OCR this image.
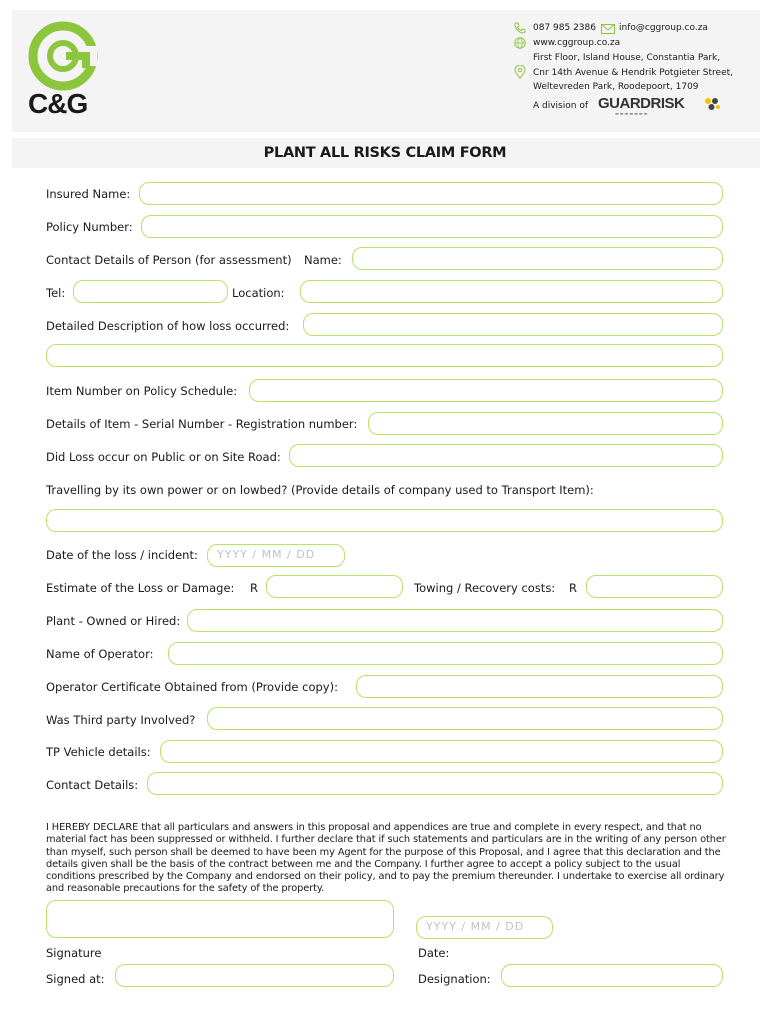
C&G
087 985 2386	info@cggroup.co.za
www.cggroup.co.za
First Floor, Island House, Constantia Park,
Cnr 14th Avenue & Hendrik Potgieter Street,
Weltevreden Park, Roodepoort, 1709
A division of GUARDRISK
▬▬▬▬▬▬▬
PLANT ALL RISKS CLAIM FORM
Insured Name:
Policy Number:
Contact Details of Person (for assessment) Name:
Tel:	Location:
Detailed Description of how loss occurred:
Item Number on Policy Schedule:
Details of Item - Serial Number - Registration number:
Did Loss occur on Public or on Site Road:
Travelling by its own power or on lowbed? (Provide details of company used to Transport Item):
Date of the loss / incident:	YYYY / MM / DD
Estimate of the Loss or Damage: R	Towing / Recovery costs: R
Plant - Owned or Hired:
Name of Operator:
Operator Certificate Obtained from (Provide copy):
Was Third party Involved?
TP Vehicle details:
Contact Details:
I HEREBY DECLARE that all particulars and answers in this proposal and appendices are true and complete in every respect, and that no material fact has been suppressed or withheld. I further declare that if such statements and particulars are in the writing of any person other than myself, such person shall be deemed to have been my Agent for the purpose of this Proposal, and I agree that this declaration and the details given shall be the basis of the contract between me and the Company. I further agree to accept a policy subject to the usual conditions prescribed by the Company and endorsed on their policy, and to pay the premium thereunder. I undertake to exercise all ordinary and reasonable precautions for the safety of the property.
YYYY / MM / DD
Signature	Date:
Signed at:	Designation:
